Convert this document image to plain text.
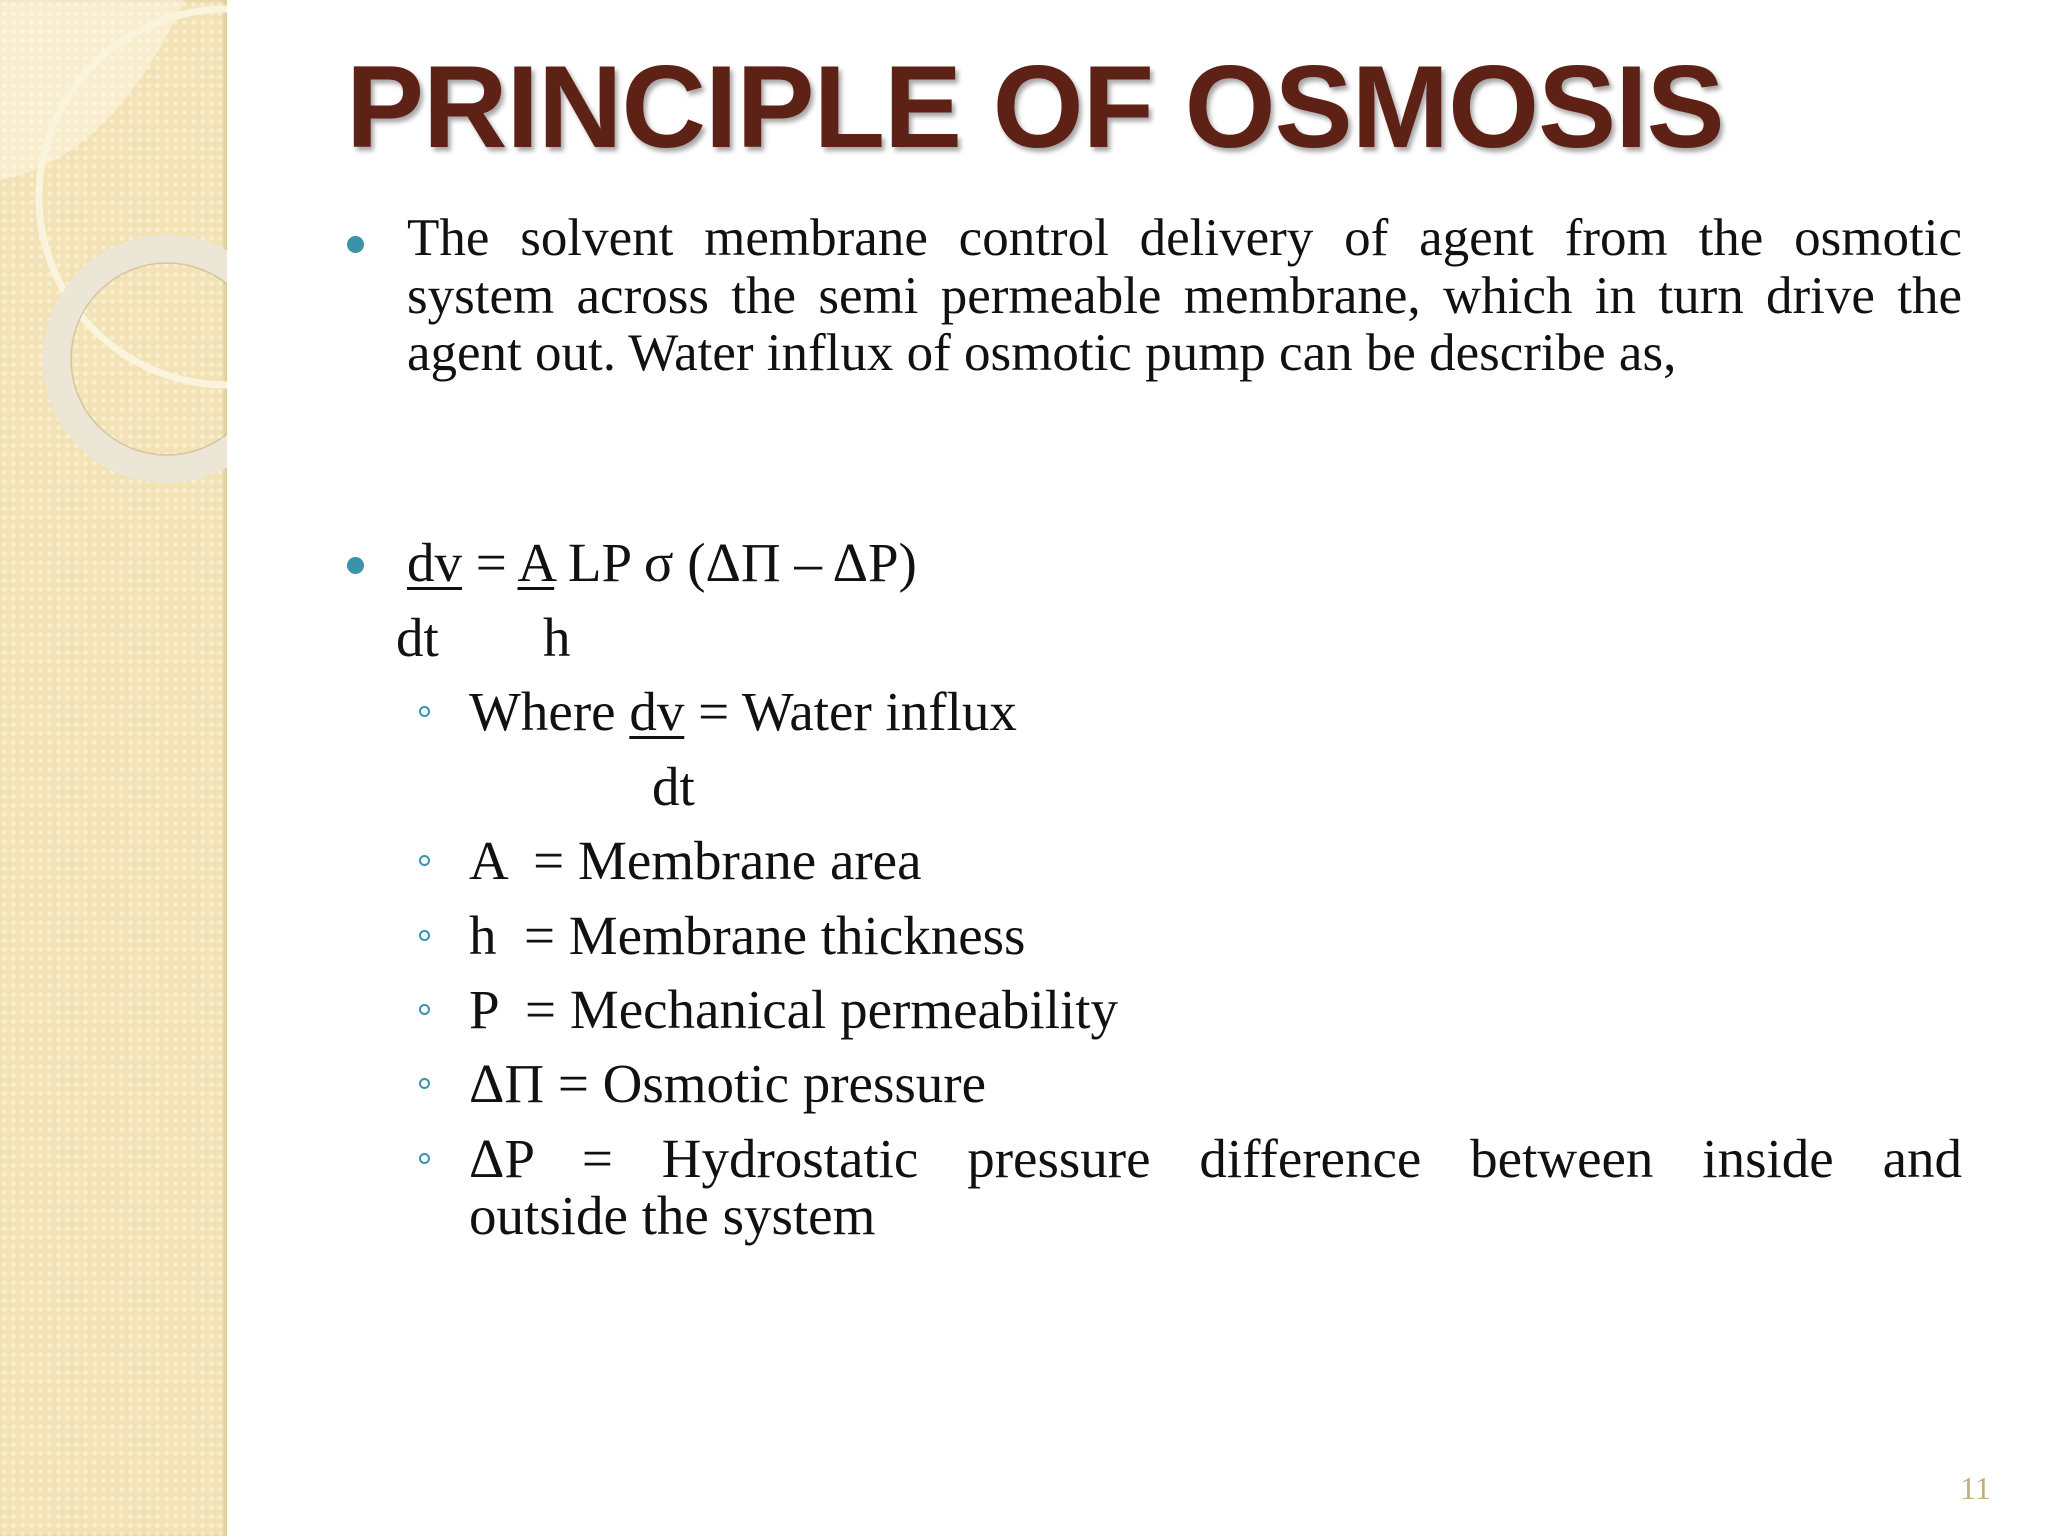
PRINCIPLE OF OSMOSIS
The solvent membrane control delivery of agent from the osmotic system across the semi permeable membrane, which in turn drive the agent out. Water influx of osmotic pump can be describe as,
dv = A LP σ (ΔΠ – ΔP)
dt h
Where dv = Water influx
dt
A  = Membrane area
h  = Membrane thickness
P  = Mechanical permeability
ΔΠ = Osmotic pressure
ΔP = Hydrostatic pressure difference between inside and
outside the system
11
